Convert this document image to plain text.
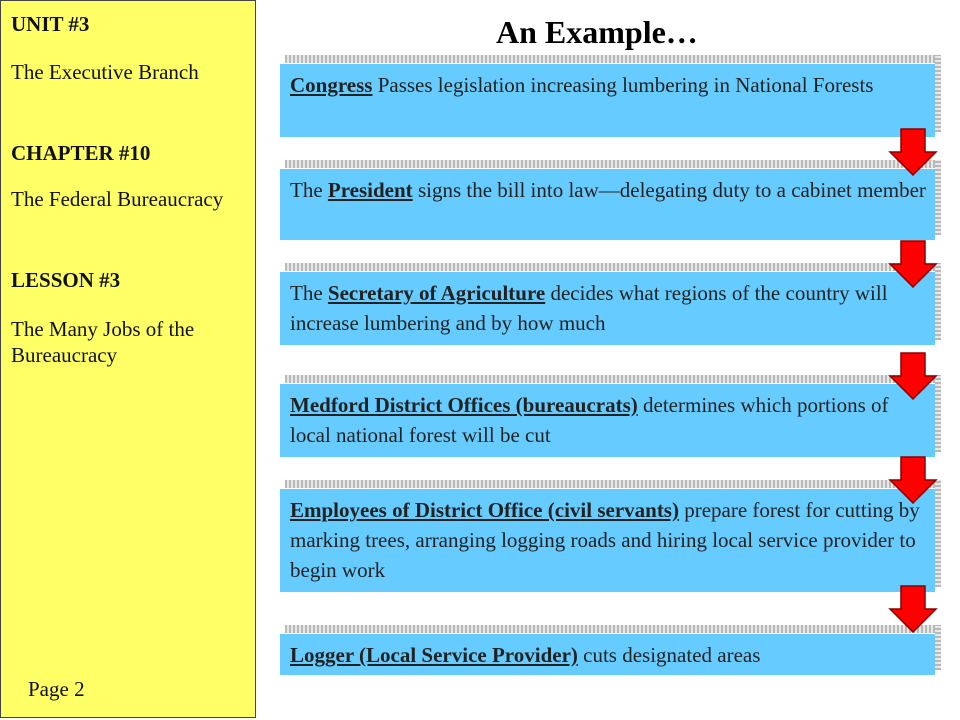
UNIT #3
The Executive Branch
CHAPTER #10
The Federal Bureaucracy
LESSON #3
The Many Jobs of the Bureaucracy
Page 2
An Example…
Congress Passes legislation increasing lumbering in National Forests
The President signs the bill into law—delegating duty to a cabinet member
The Secretary of Agriculture decides what regions of the country will increase lumbering and by how much
Medford District Offices (bureaucrats) determines which portions of local national forest will be cut
Employees of District Office (civil servants) prepare forest for cutting by marking trees, arranging logging roads and hiring local service provider to begin work
Logger (Local Service Provider) cuts designated areas
